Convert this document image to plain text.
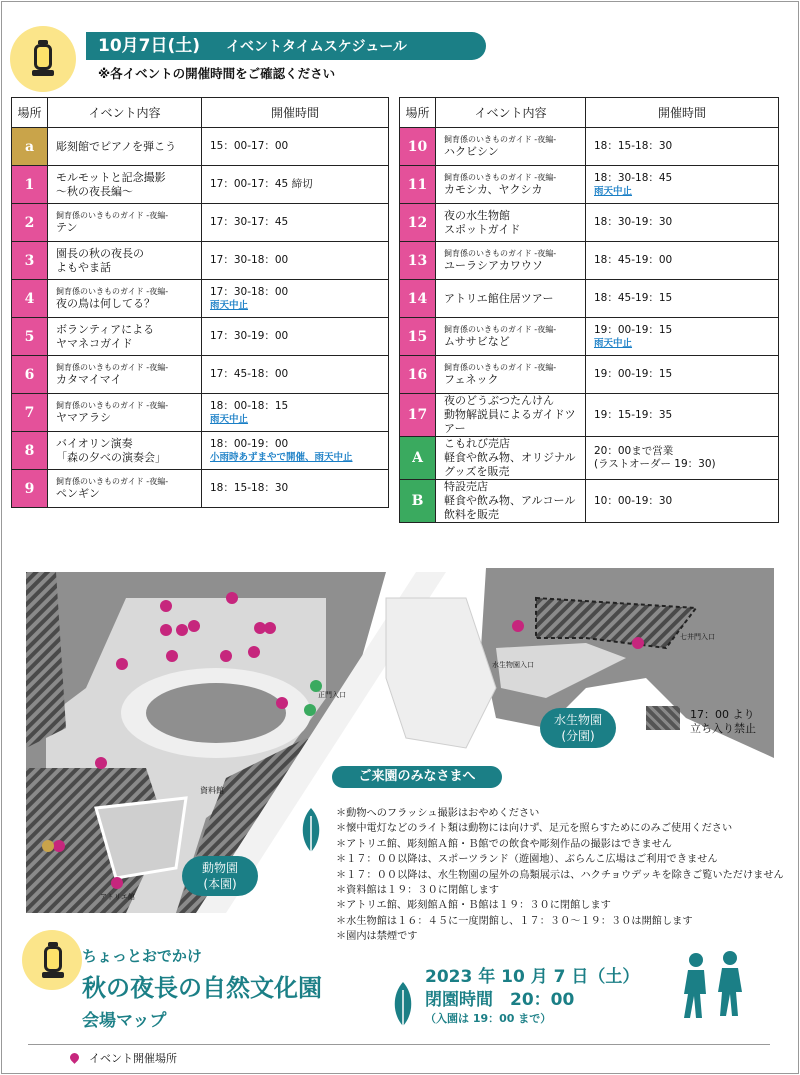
10月7日(土) イベントタイムスケジュール
※各イベントの開催時間をご確認ください
場所	イベント内容	開催時間
a	彫刻館でピアノを弾こう	15：00-17：00
1	モルモットと記念撮影
～秋の夜長編～	17：00-17：45 締切
2	飼育係のいきものガイド -夜編-
テン	17：30-17：45
3	園長の秋の夜長の
よもやま話	17：30-18：00
4	飼育係のいきものガイド -夜編-
夜の鳥は何してる？	17：30-18：00
雨天中止

5	ボランティアによる
ヤマネコガイド	17：30-19：00
6	飼育係のいきものガイド -夜編-
カタマイマイ	17：45-18：00
7	飼育係のいきものガイド -夜編-
ヤマアラシ	18：00-18：15
雨天中止

8	バイオリン演奏
「森の夕べの演奏会」	18：00-19：00
小雨時あずまやで開催、雨天中止

9	飼育係のいきものガイド -夜編-
ペンギン	18：15-18：30
場所	イベント内容	開催時間
10	飼育係のいきものガイド -夜編-
ハクビシン	18：15-18：30
11	飼育係のいきものガイド -夜編-
カモシカ、ヤクシカ	18：30-18：45
雨天中止

12	夜の水生物館
スポットガイド	18：30-19：30
13	飼育係のいきものガイド -夜編-
ユーラシアカワウソ	18：45-19：00
14	アトリエ館住居ツアー	18：45-19：15
15	飼育係のいきものガイド -夜編-
ムササビなど	19：00-19：15
雨天中止

16	飼育係のいきものガイド -夜編-
フェネック	19：00-19：15
17	夜のどうぶつたんけん
動物解説員によるガイドツアー	19：15-19：35
A	こもれび売店
軽食や飲み物、オリジナルグッズを販売	20：00まで営業
(ラストオーダー 19：30)
B	特設売店
軽食や飲み物、アルコール飲料を販売	10：00-19：30
動物園
(本園)
水生物園
(分園)
17：00 より
立ち入り禁止
資料館
アトリエ館
正門入口
七井門入口
水生物園入口
ご来園のみなさまへ
＊動物へのフラッシュ撮影はおやめください
＊懐中電灯などのライト類は動物には向けず、足元を照らすためにのみご使用ください
＊アトリエ館、彫刻館Ａ館・Ｂ館での飲食や彫刻作品の撮影はできません
＊１７：００以降は、スポーツランド（遊園地）、ぶらんこ広場はご利用できません
＊１７：００以降は、水生物園の屋外の鳥類展示は、ハクチョウデッキを除きご覧いただけません
＊資料館は１９：３０に閉館します
＊アトリエ館、彫刻館Ａ館・Ｂ館は１９：３０に閉館します
＊水生物館は１６：４５に一度閉館し、１７：３０～１９：３０は開館します
＊園内は禁煙です
ちょっとおでかけ
秋の夜長の自然文化園
会場マップ
2023 年 10 月 7 日（土）
閉園時間　20：00
（入園は 19：00 まで）
イベント開催場所
